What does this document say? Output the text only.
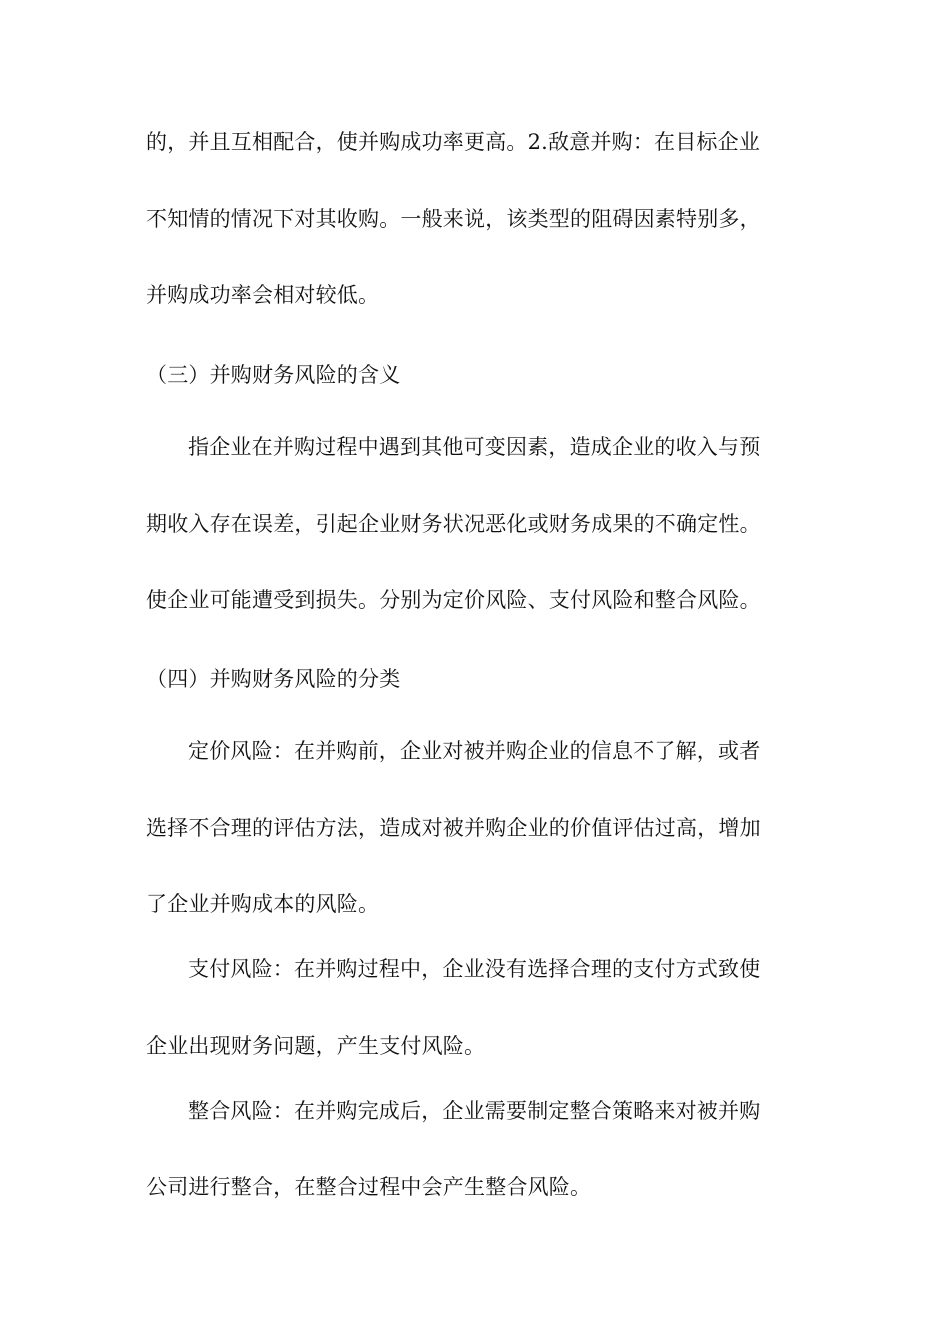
的，并且互相配合，使并购成功率更高。2.敌意并购：在目标企业
不知情的情况下对其收购。一般来说，该类型的阻碍因素特别多，
并购成功率会相对较低。
（三）并购财务风险的含义
指企业在并购过程中遇到其他可变因素，造成企业的收入与预
期收入存在误差，引起企业财务状况恶化或财务成果的不确定性。
使企业可能遭受到损失。分别为定价风险、支付风险和整合风险。
（四）并购财务风险的分类
定价风险：在并购前，企业对被并购企业的信息不了解，或者
选择不合理的评估方法，造成对被并购企业的价值评估过高，增加
了企业并购成本的风险。
支付风险：在并购过程中，企业没有选择合理的支付方式致使
企业出现财务问题，产生支付风险。
整合风险：在并购完成后，企业需要制定整合策略来对被并购
公司进行整合，在整合过程中会产生整合风险。
